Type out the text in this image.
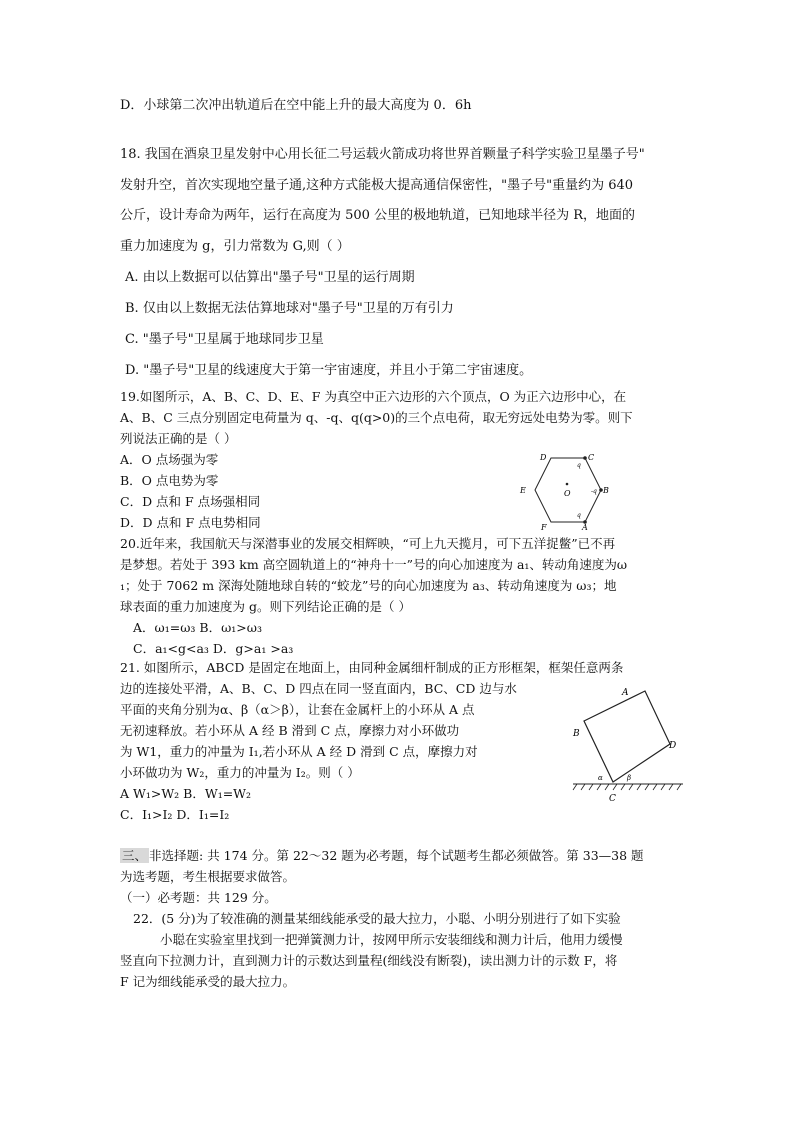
D．小球第二次冲出轨道后在空中能上升的最大高度为 0．6h
18. 我国在酒泉卫星发射中心用长征二号运载火箭成功将世界首颗量子科学实验卫星墨子号"
发射升空，首次实现地空量子通,这种方式能极大提高通信保密性，"墨子号"重量约为 640
公斤，设计寿命为两年，运行在高度为 500 公里的极地轨道，已知地球半径为 R，地面的
重力加速度为 g，引力常数为 G,则（ ）
A. 由以上数据可以估算出"墨子号"卫星的运行周期
B. 仅由以上数据无法估算地球对"墨子号"卫星的万有引力
C. "墨子号"卫星属于地球同步卫星
D. "墨子号"卫星的线速度大于第一宇宙速度，并且小于第二宇宙速度。
19.如图所示，A、B、C、D、E、F 为真空中正六边形的六个顶点，O 为正六边形中心，在
A、B、C 三点分别固定电荷量为 q、-q、q(q>0)的三个点电荷，取无穷远处电势为零。则下
列说法正确的是（ ）
A．O 点场强为零
B．O 点电势为零
C．D 点和 F 点场强相同
D．D 点和 F 点电势相同
D	C
E	B
F	A
O
q
-q
q
20.近年来，我国航天与深潜事业的发展交相辉映，“可上九天揽月，可下五洋捉鳖”已不再
是梦想。若处于 393 km 高空圆轨道上的“神舟十一”号的向心加速度为 a₁、转动角速度为ω
₁；处于 7062 m 深海处随地球自转的“蛟龙”号的向心加速度为 a₃、转动角速度为 ω₃；地
球表面的重力加速度为 g。则下列结论正确的是（ ）
A．ω₁=ω₃ B．ω₁>ω₃
C．a₁<g<a₃ D．g>a₁ >a₃
21. 如图所示，ABCD 是固定在地面上，由同种金属细杆制成的正方形框架，框架任意两条
边的连接处平滑，A、B、C、D 四点在同一竖直面内，BC、CD 边与水
平面的夹角分别为α、β（α＞β），让套在金属杆上的小环从 A 点
无初速释放。若小环从 A 经 B 滑到 C 点，摩擦力对小环做功
为 W1，重力的冲量为 I₁,若小环从 A 经 D 滑到 C 点，摩擦力对
小环做功为 W₂，重力的冲量为 I₂。则（ ）
A W₁>W₂ B．W₁=W₂
C．I₁>I₂ D．I₁=I₂
A
B
D
C
α	β
三、 非选择题: 共 174 分。第 22～32 题为必考题，每个试题考生都必须做答。第 33—38 题
为选考题，考生根据要求做答。
（一）必考题：共 129 分。
22．(5 分)为了较准确的测量某细线能承受的最大拉力，小聪、小明分别进行了如下实验
小聪在实验室里找到一把弹簧测力计，按网甲所示安装细线和测力计后，他用力缓慢
竖直向下拉测力计，直到测力计的示数达到量程(细线没有断裂)，读出测力计的示数 F，将
F 记为细线能承受的最大拉力。
